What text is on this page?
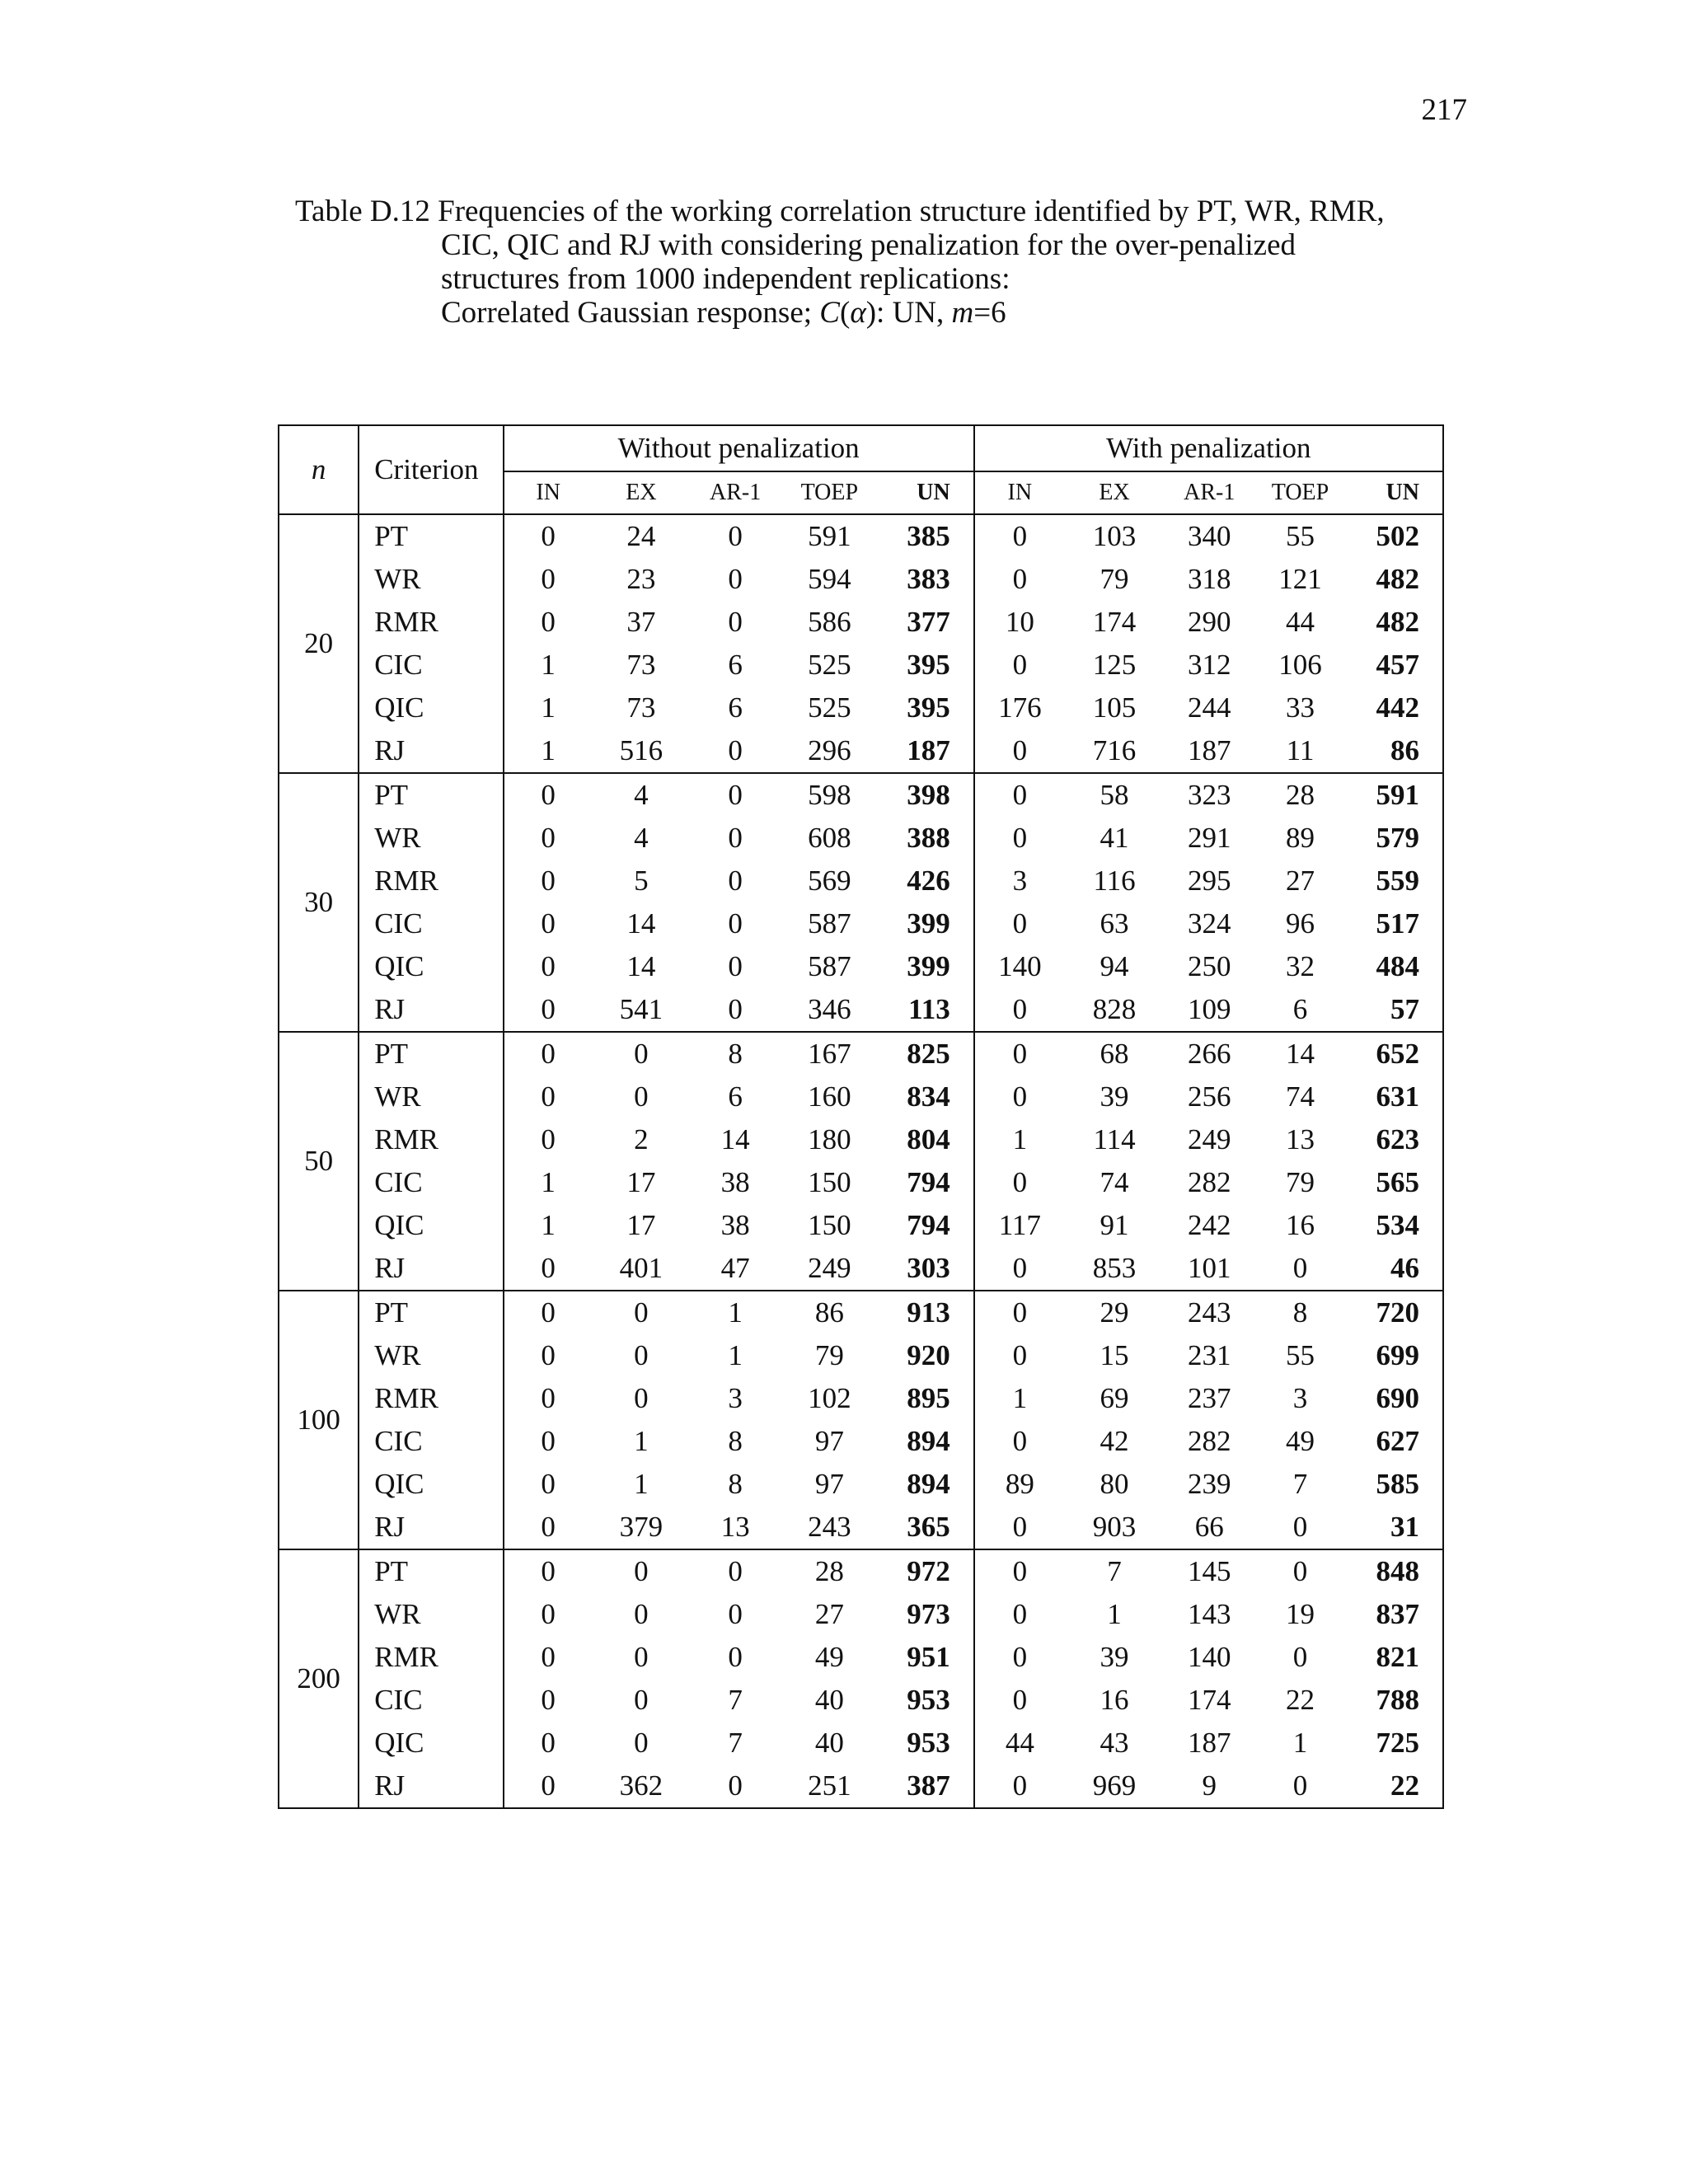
217
Table D.12 Frequencies of the working correlation structure identified by PT, WR, RMR,
CIC, QIC and RJ with considering penalization for the over-penalized
structures from 1000 independent replications:
Correlated Gaussian response; C(α): UN, m=6
n	Criterion	Without penalization					With penalization				
		IN	EX	AR-1	TOEP	UN	IN	EX	AR-1	TOEP	UN
20	PT	0	24	0	591	385	0	103	340	55	502
	WR	0	23	0	594	383	0	79	318	121	482
	RMR	0	37	0	586	377	10	174	290	44	482
	CIC	1	73	6	525	395	0	125	312	106	457
	QIC	1	73	6	525	395	176	105	244	33	442
	RJ	1	516	0	296	187	0	716	187	11	86
30	PT	0	4	0	598	398	0	58	323	28	591
	WR	0	4	0	608	388	0	41	291	89	579
	RMR	0	5	0	569	426	3	116	295	27	559
	CIC	0	14	0	587	399	0	63	324	96	517
	QIC	0	14	0	587	399	140	94	250	32	484
	RJ	0	541	0	346	113	0	828	109	6	57
50	PT	0	0	8	167	825	0	68	266	14	652
	WR	0	0	6	160	834	0	39	256	74	631
	RMR	0	2	14	180	804	1	114	249	13	623
	CIC	1	17	38	150	794	0	74	282	79	565
	QIC	1	17	38	150	794	117	91	242	16	534
	RJ	0	401	47	249	303	0	853	101	0	46
100	PT	0	0	1	86	913	0	29	243	8	720
	WR	0	0	1	79	920	0	15	231	55	699
	RMR	0	0	3	102	895	1	69	237	3	690
	CIC	0	1	8	97	894	0	42	282	49	627
	QIC	0	1	8	97	894	89	80	239	7	585
	RJ	0	379	13	243	365	0	903	66	0	31
200	PT	0	0	0	28	972	0	7	145	0	848
	WR	0	0	0	27	973	0	1	143	19	837
	RMR	0	0	0	49	951	0	39	140	0	821
	CIC	0	0	7	40	953	0	16	174	22	788
	QIC	0	0	7	40	953	44	43	187	1	725
	RJ	0	362	0	251	387	0	969	9	0	22
